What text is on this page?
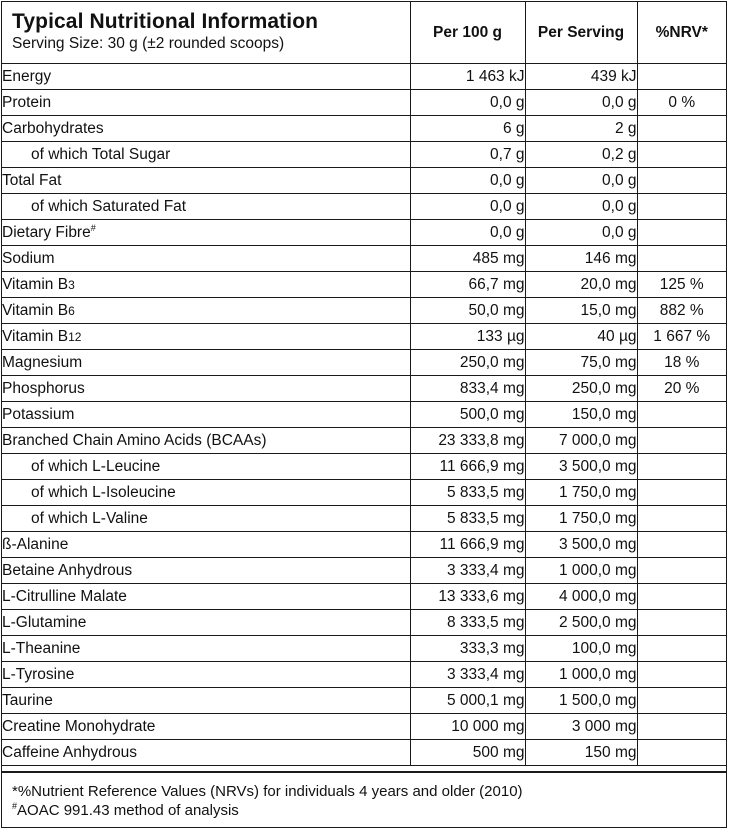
Typical Nutritional Information
Serving Size: 30 g (±2 rounded scoops)	Per 100 g	Per Serving	%NRV*
Energy	1 463 kJ	439 kJ	
Protein	0,0 g	0,0 g	0 %
Carbohydrates	6 g	2 g	
of which Total Sugar	0,7 g	0,2 g	
Total Fat	0,0 g	0,0 g	
of which Saturated Fat	0,0 g	0,0 g	
Dietary Fibre#	0,0 g	0,0 g	
Sodium	485 mg	146 mg	
Vitamin B3	66,7 mg	20,0 mg	125 %
Vitamin B6	50,0 mg	15,0 mg	882 %
Vitamin B12	133 µg	40 µg	1 667 %
Magnesium	250,0 mg	75,0 mg	18 %
Phosphorus	833,4 mg	250,0 mg	20 %
Potassium	500,0 mg	150,0 mg	
Branched Chain Amino Acids (BCAAs)	23 333,8 mg	7 000,0 mg	
of which L-Leucine	11 666,9 mg	3 500,0 mg	
of which L-Isoleucine	5 833,5 mg	1 750,0 mg	
of which L-Valine	5 833,5 mg	1 750,0 mg	
ß-Alanine	11 666,9 mg	3 500,0 mg	
Betaine Anhydrous	3 333,4 mg	1 000,0 mg	
L-Citrulline Malate	13 333,6 mg	4 000,0 mg	
L-Glutamine	8 333,5 mg	2 500,0 mg	
L-Theanine	333,3 mg	100,0 mg	
L-Tyrosine	3 333,4 mg	1 000,0 mg	
Taurine	5 000,1 mg	1 500,0 mg	
Creatine Monohydrate	10 000 mg	3 000 mg	
Caffeine Anhydrous	500 mg	150 mg	
*%Nutrient Reference Values (NRVs) for individuals 4 years and older (2010)
#AOAC 991.43 method of analysis
